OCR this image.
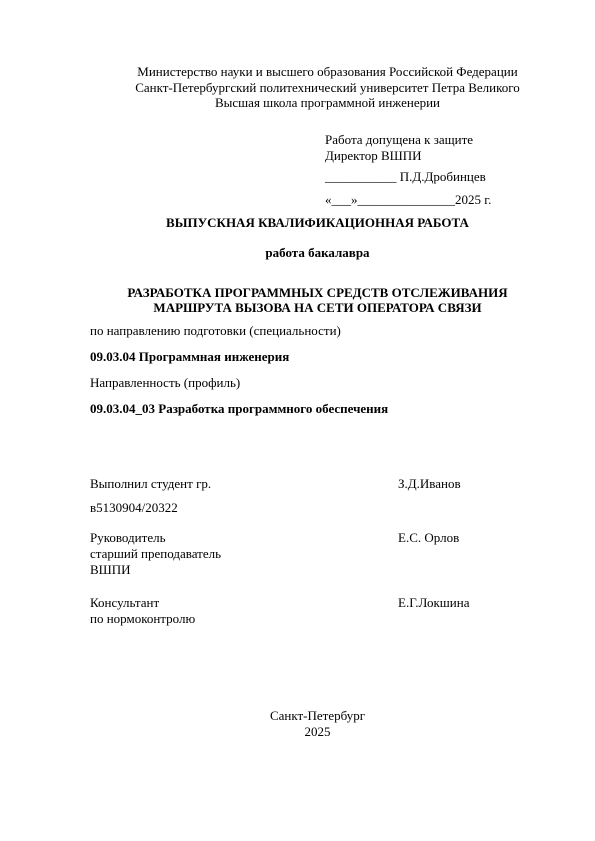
Министерство науки и высшего образования Российской Федерации
Санкт-Петербургский политехнический университет Петра Великого
Высшая школа программной инженерии
Работа допущена к защите
Директор ВШПИ
___________ П.Д.Дробинцев
«___»_______________2025 г.
ВЫПУСКНАЯ КВАЛИФИКАЦИОННАЯ РАБОТА
работа бакалавра
РАЗРАБОТКА ПРОГРАММНЫХ СРЕДСТВ ОТСЛЕЖИВАНИЯ
МАРШРУТА ВЫЗОВА НА СЕТИ ОПЕРАТОРА СВЯЗИ
по направлению подготовки (специальности)
09.03.04 Программная инженерия
Направленность (профиль)
09.03.04_03 Разработка программного обеспечения
Выполнил студент гр.	З.Д.Иванов
в5130904/20322
Руководитель	Е.С. Орлов
старший преподаватель
ВШПИ
Консультант	Е.Г.Локшина
по нормоконтролю
Санкт-Петербург
2025
